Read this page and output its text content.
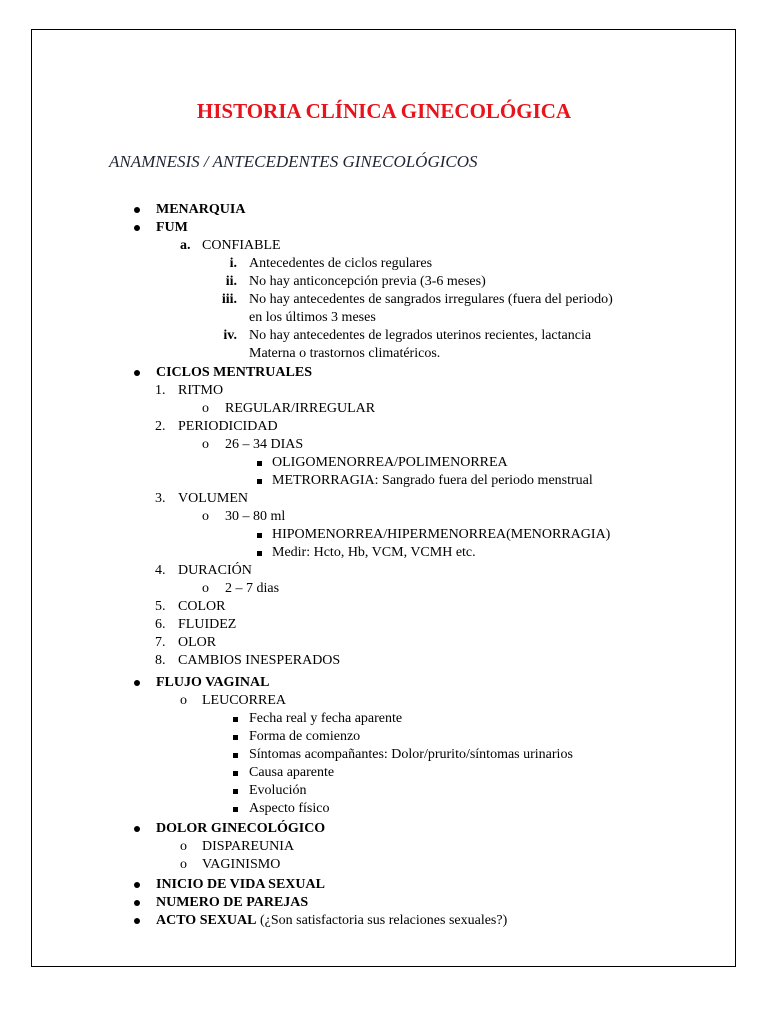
HISTORIA CLÍNICA GINECOLÓGICA
ANAMNESIS / ANTECEDENTES GINECOLÓGICOS
MENARQUIA
FUM
a. CONFIABLE
i. Antecedentes de ciclos regulares
ii. No hay anticoncepción previa (3-6 meses)
iii. No hay antecedentes de sangrados irregulares (fuera del periodo)
en los últimos 3 meses
iv. No hay antecedentes de legrados uterinos recientes, lactancia
Materna o trastornos climatéricos.
CICLOS MENTRUALES
1. RITMO
o REGULAR/IRREGULAR
2. PERIODICIDAD
o 26 – 34 DIAS
OLIGOMENORREA/POLIMENORREA
METRORRAGIA: Sangrado fuera del periodo menstrual
3. VOLUMEN
o 30 – 80 ml
HIPOMENORREA/HIPERMENORREA(MENORRAGIA)
Medir: Hcto, Hb, VCM, VCMH etc.
4. DURACIÓN
o 2 – 7 dias
5. COLOR
6. FLUIDEZ
7. OLOR
8. CAMBIOS INESPERADOS
FLUJO VAGINAL
o LEUCORREA
Fecha real y fecha aparente
Forma de comienzo
Síntomas acompañantes: Dolor/prurito/síntomas urinarios
Causa aparente
Evolución
Aspecto físico
DOLOR GINECOLÓGICO
o DISPAREUNIA
o VAGINISMO
INICIO DE VIDA SEXUAL
NUMERO DE PAREJAS
ACTO SEXUAL (¿Son satisfactoria sus relaciones sexuales?)
